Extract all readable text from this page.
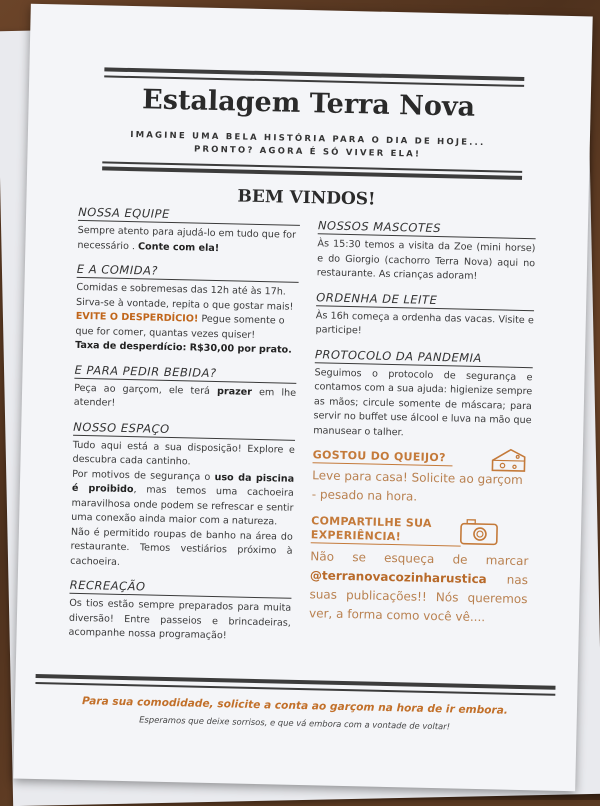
Estalagem Terra Nova
IMAGINE UMA BELA HISTÓRIA PARA O DIA DE HOJE...
PRONTO? AGORA É SÓ VIVER ELA!
BEM VINDOS!
NOSSA EQUIPE
Sempre atento para ajudá-lo em tudo que for necessário . Conte com ela!
E A COMIDA?
Comidas e sobremesas das 12h até às 17h. Sirva-se à vontade, repita o que gostar mais! EVITE O DESPERDÍCIO! Pegue somente o que for comer, quantas vezes quiser!
Taxa de desperdício: R$30,00 por prato.
E PARA PEDIR BEBIDA?
Peça ao garçom, ele terá prazer em lhe atender!
NOSSO ESPAÇO
Tudo aqui está a sua disposição! Explore e descubra cada cantinho.
Por motivos de segurança o uso da piscina é proibido, mas temos uma cachoeira maravilhosa onde podem se refrescar e sentir uma conexão ainda maior com a natureza.
Não é permitido roupas de banho na área do restaurante. Temos vestiários próximo à cachoeira.
RECREAÇÃO
Os tios estão sempre preparados para muita diversão! Entre passeios e brincadeiras, acompanhe nossa programação!
NOSSOS MASCOTES
Às 15:30 temos a visita da Zoe (mini horse) e do Giorgio (cachorro Terra Nova) aqui no restaurante. As crianças adoram!
ORDENHA DE LEITE
Às 16h começa a ordenha das vacas. Visite e participe!
PROTOCOLO DA PANDEMIA
Seguimos o protocolo de segurança e contamos com a sua ajuda: higienize sempre as mãos; circule somente de máscara; para servir no buffet use álcool e luva na mão que manusear o talher.
GOSTOU DO QUEIJO?
Leve para casa! Solicite ao garçom - pesado na hora.
COMPARTILHE SUA
EXPERIÊNCIA!
Não se esqueça de marcar @terranovacozinharustica nas suas publicações!! Nós queremos ver, a forma como você vê....
Para sua comodidade, solicite a conta ao garçom na hora de ir embora.
Esperamos que deixe sorrisos, e que vá embora com a vontade de voltar!
